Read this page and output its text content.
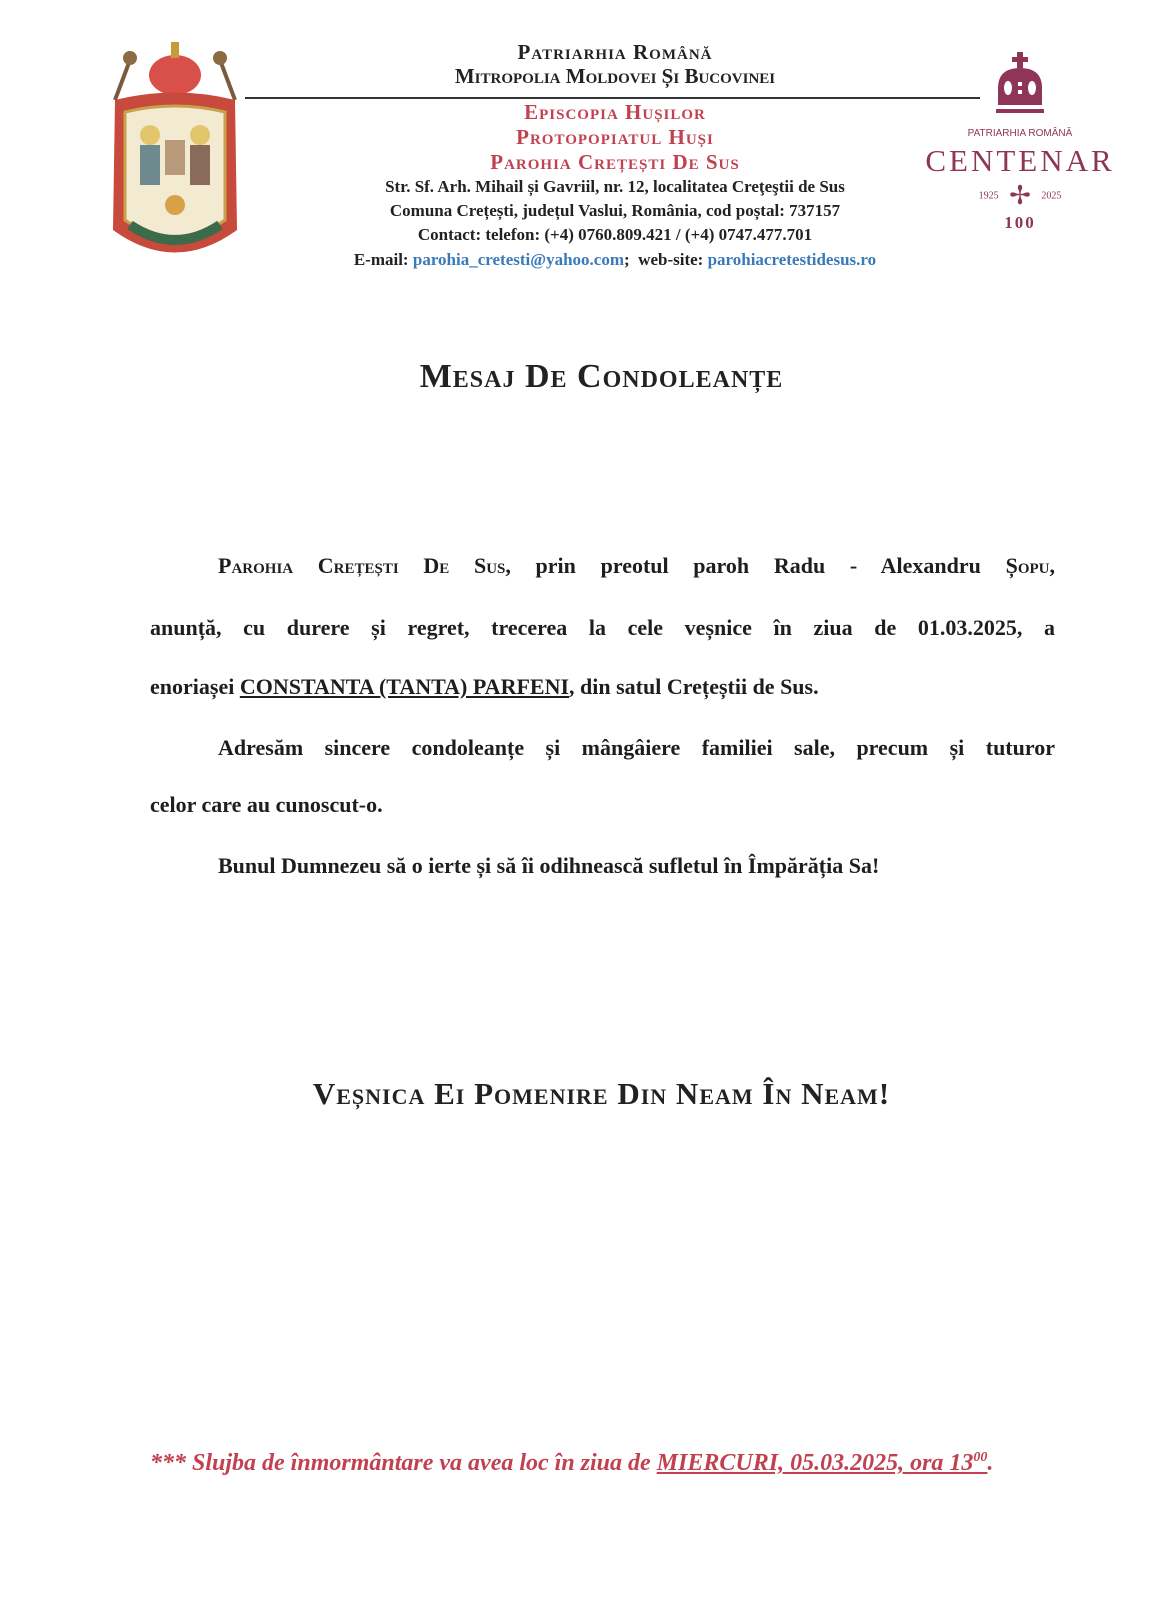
Patriarhia Română
Mitropolia Moldovei Și Bucovinei
Episcopia Hușilor
Protopopiatul Huși
Parohia Crețești De Sus
Str. Sf. Arh. Mihail și Gavriil, nr. 12, localitatea Creţeştii de Sus
Comuna Crețești, județul Vaslui, România, cod poștal: 737157
Contact: telefon: (+4) 0760.809.421 / (+4) 0747.477.701
E-mail: parohia_cretesti@yahoo.com;  web-site: parohiacretestidesus.ro
PATRIARHIA ROMÂNĂ
CENTENAR
1925 ✢ 2025
100
Mesaj De Condoleanțe
Parohia Crețești De Sus, prin preotul paroh Radu - Alexandru Șopu,
anunță, cu durere și regret, trecerea la cele veșnice în ziua de 01.03.2025, a
enoriașei CONSTANTA (TANTA) PARFENI, din satul Crețeștii de Sus.
Adresăm sincere condoleanțe și mângâiere familiei sale, precum și tuturor
celor care au cunoscut-o.
Bunul Dumnezeu să o ierte și să îi odihnească sufletul în Împărăția Sa!
Veșnica Ei Pomenire Din Neam În Neam!
*** Slujba de înmormântare va avea loc în ziua de MIERCURI, 05.03.2025, ora $13^{00}$.
